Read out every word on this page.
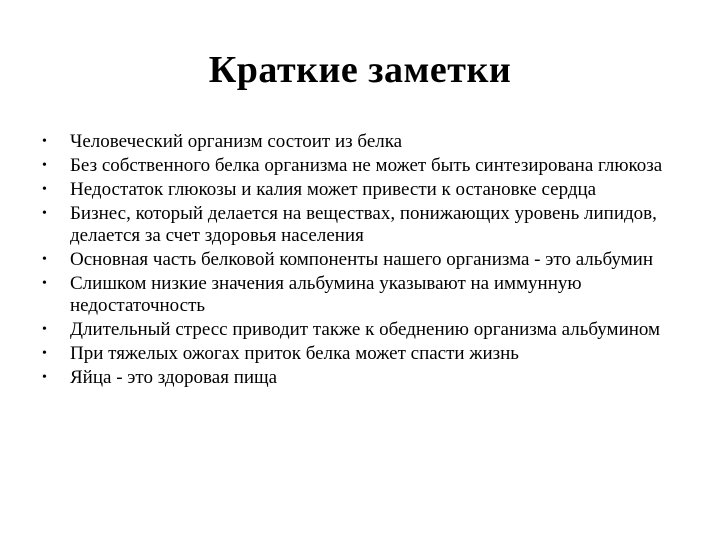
Краткие заметки
•	Человеческий организм состоит из белка
•	Без собственного белка организма не может быть синтезирована глюкоза
•	Недостаток глюкозы и калия может привести к остановке сердца
•	Бизнес, который делается на веществах, понижающих уровень липидов, делается за счет здоровья населения
•	Основная часть белковой компоненты нашего организма - это альбумин
•	Слишком низкие значения альбумина указывают на иммунную недостаточность
•	Длительный стресс приводит также к обеднению организма альбумином
•	При тяжелых ожогах приток белка может спасти жизнь
•	Яйца - это здоровая пища
